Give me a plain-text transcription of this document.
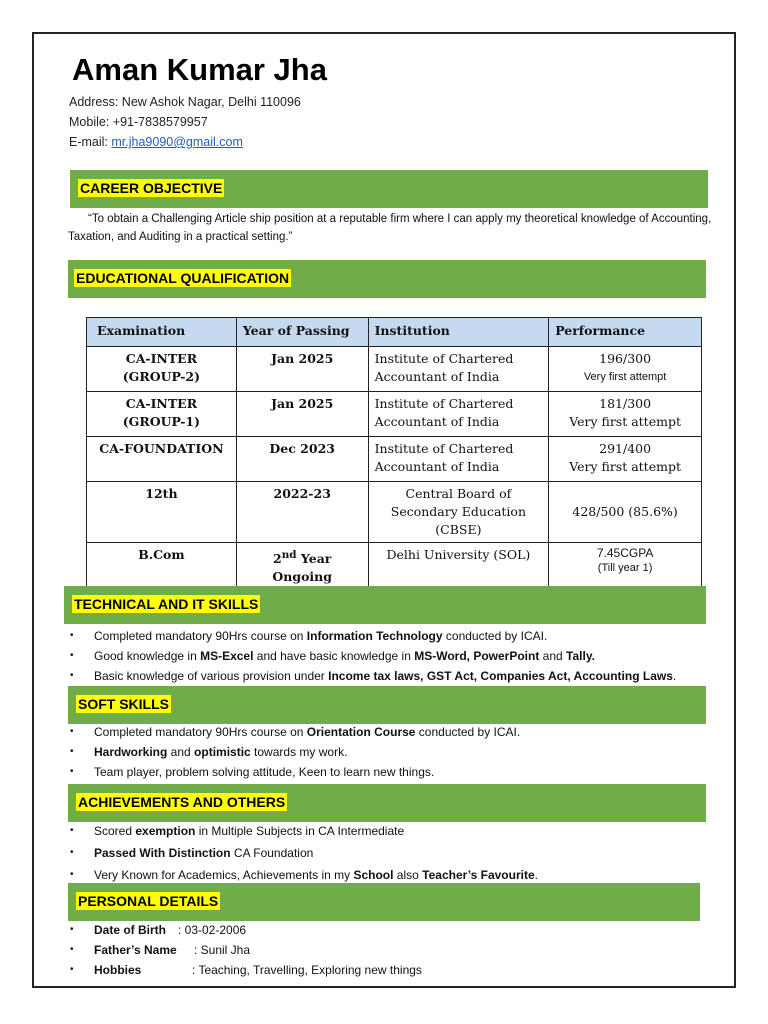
Aman Kumar Jha
Address: New Ashok Nagar, Delhi 110096
Mobile: +91-7838579957
E-mail: mr.jha9090@gmail.com
CAREER OBJECTIVE
“To obtain a Challenging Article ship position at a reputable firm where I can apply my theoretical knowledge of Accounting, Taxation, and Auditing in a practical setting.”
EDUCATIONAL QUALIFICATION
Examination	Year of Passing	Institution	Performance
CA-INTER (GROUP-2)	Jan 2025	Institute of Chartered Accountant of India	196/300
Very first attempt

CA-INTER (GROUP-1)	Jan 2025	Institute of Chartered Accountant of India	181/300
Very first attempt

CA-FOUNDATION	Dec 2023	Institute of Chartered Accountant of India	291/400
Very first attempt

12th	2022-23	Central Board of Secondary Education (CBSE)	428/500 (85.6%)

B.Com	2nd Year Ongoing	Delhi University (SOL)	7.45CGPA
(Till year 1)
TECHNICAL AND IT SKILLS
• Completed mandatory 90Hrs course on Information Technology conducted by ICAI.
• Good knowledge in MS-Excel and have basic knowledge in MS-Word, PowerPoint and Tally.
• Basic knowledge of various provision under Income tax laws, GST Act, Companies Act, Accounting Laws.
SOFT SKILLS
• Completed mandatory 90Hrs course on Orientation Course conducted by ICAI.
• Hardworking and optimistic towards my work.
• Team player, problem solving attitude, Keen to learn new things.
ACHIEVEMENTS AND OTHERS
• Scored exemption in Multiple Subjects in CA Intermediate
• Passed With Distinction CA Foundation
• Very Known for Academics, Achievements in my School also Teacher’s Favourite.
PERSONAL DETAILS
• Date of Birth : 03-02-2006
• Father’s Name : Sunil Jha
• Hobbies	: Teaching, Travelling, Exploring new things
